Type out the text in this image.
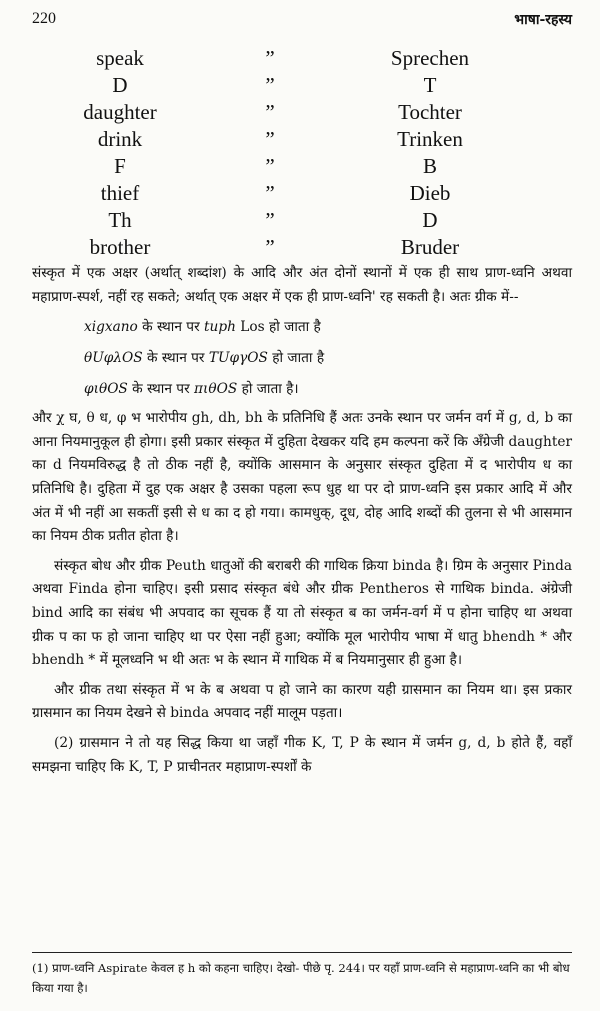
220	भाषा-रहस्य
speak	”	Sprechen
D	”	T
daughter	”	Tochter
drink	”	Trinken
F	”	B
thief	”	Dieb
Th	”	D
brother	”	Bruder

संस्कृत में एक अक्षर (अर्थात् शब्दांश) के आदि और अंत दोनों स्थानों में एक ही साथ प्राण-ध्वनि अथवा महाप्राण-स्पर्श, नहीं रह सकते; अर्थात् एक अक्षर में एक ही प्राण-ध्वनि' रह सकती है। अतः ग्रीक में--

xigxano के स्थान पर tuph Los हो जाता है

θUφλOS के स्थान पर TUφγOS हो जाता है

φιθOS के स्थान पर πιθOS हो जाता है।

और χ घ, θ ध, φ भ भारोपीय gh, dh, bh के प्रतिनिधि हैं अतः उनके स्थान पर जर्मन वर्ग में g, d, b का आना नियमानुकूल ही होगा। इसी प्रकार संस्कृत में दुहिता देखकर यदि हम कल्पना करें कि अँग्रेजी daughter का d नियमविरुद्ध है तो ठीक नहीं है, क्योंकि आसमान के अनुसार संस्कृत दुहिता में द भारोपीय ध का प्रतिनिधि है। दुहिता में दुह एक अक्षर है उसका पहला रूप धुह था पर दो प्राण-ध्वनि इस प्रकार आदि में और अंत में भी नहीं आ सकतीं इसी से ध का द हो गया। कामधुक्, दूध, दोह आदि शब्दों की तुलना से भी आसमान का नियम ठीक प्रतीत होता है।

संस्कृत बोध और ग्रीक Peuth धातुओं की बराबरी की गाथिक क्रिया binda है। ग्रिम के अनुसार Pinda अथवा Finda होना चाहिए। इसी प्रसाद संस्कृत बंधे और ग्रीक Pentheros से गाथिक binda. अंग्रेजी bind आदि का संबंध भी अपवाद का सूचक हैं या तो संस्कृत ब का जर्मन-वर्ग में प होना चाहिए था अथवा ग्रीक प का फ हो जाना चाहिए था पर ऐसा नहीं हुआ; क्योंकि मूल भारोपीय भाषा में धातु bhendh * और bhendh * में मूलध्वनि भ थी अतः भ के स्थान में गाथिक में ब नियमानुसार ही हुआ है।

और ग्रीक तथा संस्कृत में भ के ब अथवा प हो जाने का कारण यही ग्रासमान का नियम था। इस प्रकार ग्रासमान का नियम देखने से binda अपवाद नहीं मालूम पड़ता।

(2) ग्रासमान ने तो यह सिद्ध किया था जहाँ गीक K, T, P के स्थान में जर्मन g, d, b होते हैं, वहाँ समझना चाहिए कि K, T, P प्राचीनतर महाप्राण-स्पर्शों के

(1) प्राण-ध्वनि Aspirate केवल ह h को कहना चाहिए। देखो- पीछे पृ. 244। पर यहाँ प्राण-ध्वनि से महाप्राण-ध्वनि का भी बोध किया गया है।
